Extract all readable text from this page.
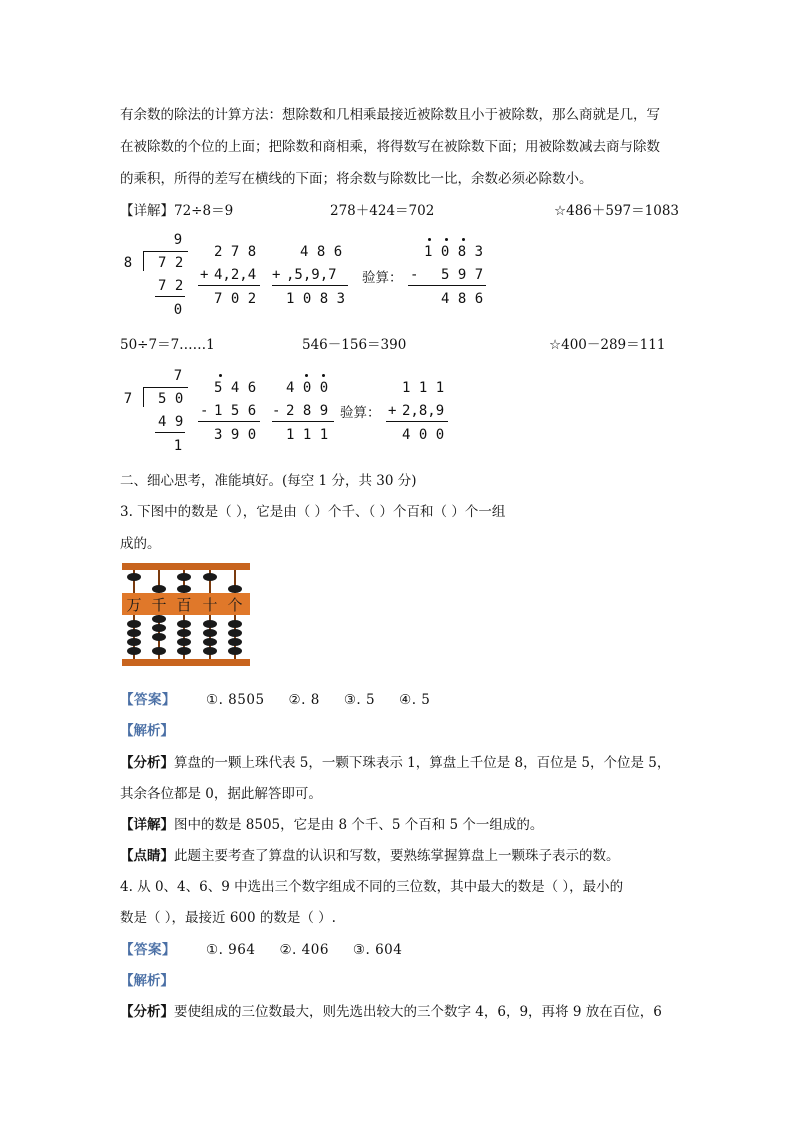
有余数的除法的计算方法：想除数和几相乘最接近被除数且小于被除数，那么商就是几，写
在被除数的个位的上面；把除数和商相乘，将得数写在被除数下面；用被除数减去商与除数
的乘积，所得的差写在横线的下面；将余数与除数比一比，余数必须必除数小。
【详解】72÷8＝9	278＋424＝702	☆486＋597＝1083
9
8 7 2
7 2
0
2 7 8
+ 4,2,4
7 0 2
4 8 6
+ ,5,9,7
1 0 8 3
验算：
1 0 8 3
- 5 9 7
4 8 6
50÷7＝7……1	546－156＝390	☆400－289＝111
7
7 5 0
4 9
1
5 4 6
- 1 5 6
3 9 0
4 0 0
- 2 8 9
1 1 1
验算：
1 1 1
+ 2,8,9
4 0 0
二、细心思考，准能填好。(每空 1 分，共 30 分)
3. 下图中的数是（ ），它是由（ ）个千、（ ）个百和（ ）个一组
成的。
万 千 百 十 个
【答案】 ①. 8505 ②. 8 ③. 5 ④. 5
【解析】
【分析】算盘的一颗上珠代表 5，一颗下珠表示 1，算盘上千位是 8，百位是 5，个位是 5，
其余各位都是 0，据此解答即可。
【详解】图中的数是 8505，它是由 8 个千、5 个百和 5 个一组成的。
【点睛】此题主要考查了算盘的认识和写数，要熟练掌握算盘上一颗珠子表示的数。
4. 从 0、4、6、9 中选出三个数字组成不同的三位数，其中最大的数是（ ），最小的
数是（ ），最接近 600 的数是（ ）.
【答案】 ①. 964 ②. 406 ③. 604
【解析】
【分析】要使组成的三位数最大，则先选出较大的三个数字 4，6，9，再将 9 放在百位，6
